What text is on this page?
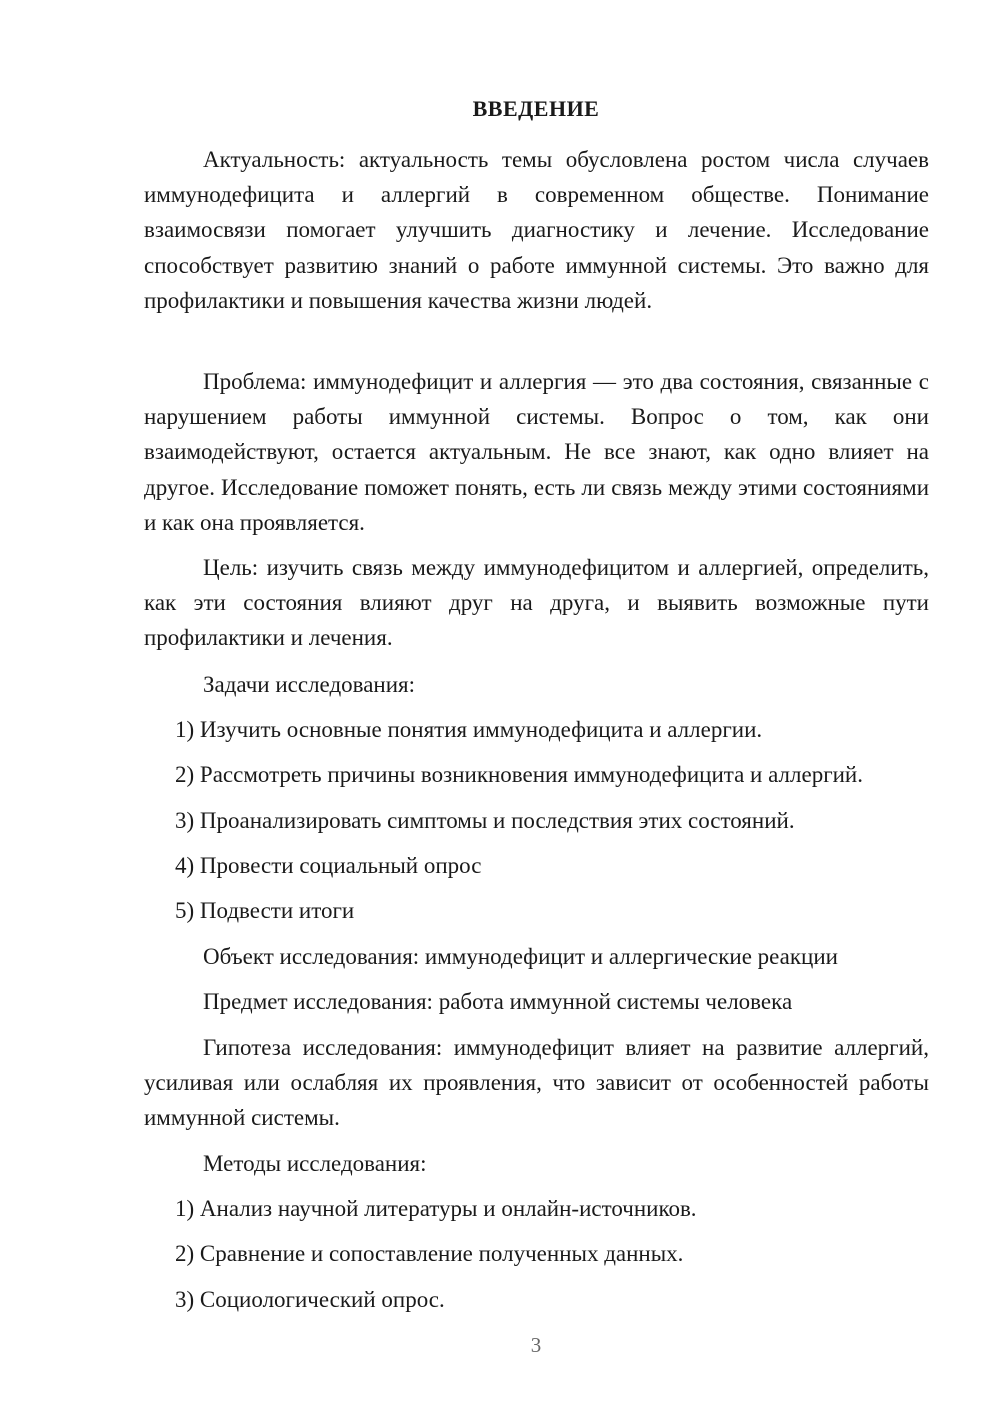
ВВЕДЕНИЕ

Актуальность: актуальность темы обусловлена ростом числа случаев иммунодефицита и аллергий в современном обществе. Понимание взаимосвязи помогает улучшить диагностику и лечение. Исследование способствует развитию знаний о работе иммунной системы. Это важно для профилактики и повышения качества жизни людей.

Проблема: иммунодефицит и аллергия — это два состояния, связанные с нарушением работы иммунной системы. Вопрос о том, как они взаимодействуют, остается актуальным. Не все знают, как одно влияет на другое. Исследование поможет понять, есть ли связь между этими состояниями и как она проявляется.

Цель: изучить связь между иммунодефицитом и аллергией, определить, как эти состояния влияют друг на друга, и выявить возможные пути профилактики и лечения.

Задачи исследования:

1) Изучить основные понятия иммунодефицита и аллергии.

2) Рассмотреть причины возникновения иммунодефицита и аллергий.

3) Проанализировать симптомы и последствия этих состояний.

4) Провести социальный опрос

5) Подвести итоги

Объект исследования: иммунодефицит и аллергические реакции

Предмет исследования: работа иммунной системы человека

Гипотеза исследования: иммунодефицит влияет на развитие аллергий, усиливая или ослабляя их проявления, что зависит от особенностей работы иммунной системы.

Методы исследования:

1) Анализ научной литературы и онлайн-источников.

2) Сравнение и сопоставление полученных данных.

3) Социологический опрос.

3
